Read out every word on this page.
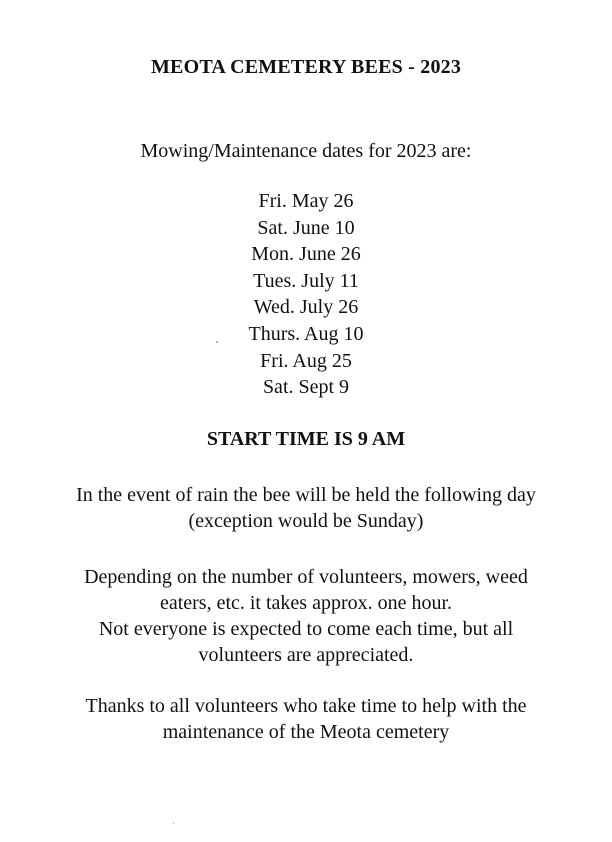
MEOTA CEMETERY BEES - 2023
Mowing/Maintenance dates for 2023 are:
Fri. May 26
Sat. June 10
Mon. June 26
Tues. July 11
Wed. July 26
Thurs. Aug 10
Fri. Aug 25
Sat. Sept 9
START TIME IS 9 AM
In the event of rain the bee will be held the following day
(exception would be Sunday)
Depending on the number of volunteers, mowers, weed
eaters, etc. it takes approx. one hour.
Not everyone is expected to come each time, but all
volunteers are appreciated.
Thanks to all volunteers who take time to help with the
maintenance of the Meota cemetery
